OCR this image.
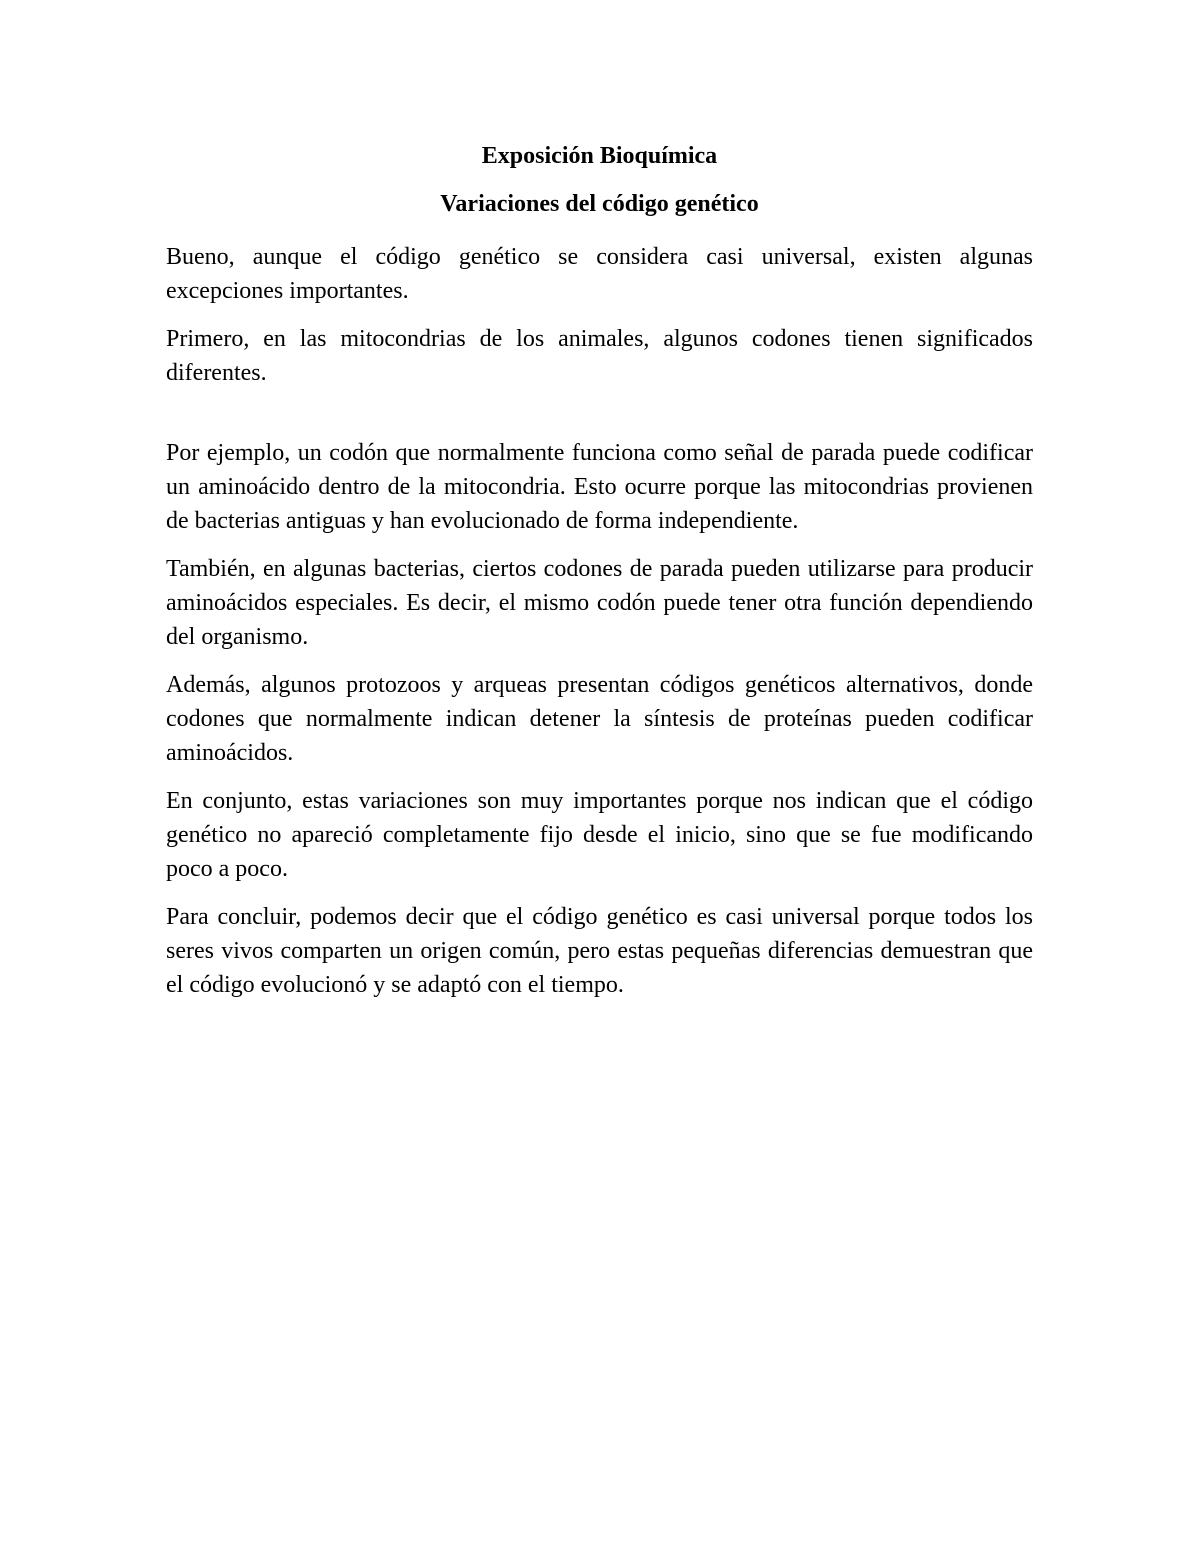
Exposición Bioquímica
Variaciones del código genético

Bueno, aunque el código genético se considera casi universal, existen algunas excepciones importantes.

Primero, en las mitocondrias de los animales, algunos codones tienen significados diferentes.

Por ejemplo, un codón que normalmente funciona como señal de parada puede codificar un aminoácido dentro de la mitocondria. Esto ocurre porque las mitocondrias provienen de bacterias antiguas y han evolucionado de forma independiente.

También, en algunas bacterias, ciertos codones de parada pueden utilizarse para producir aminoácidos especiales. Es decir, el mismo codón puede tener otra función dependiendo del organismo.

Además, algunos protozoos y arqueas presentan códigos genéticos alternativos, donde codones que normalmente indican detener la síntesis de proteínas pueden codificar aminoácidos.

En conjunto, estas variaciones son muy importantes porque nos indican que el código genético no apareció completamente fijo desde el inicio, sino que se fue modificando poco a poco.

Para concluir, podemos decir que el código genético es casi universal porque todos los seres vivos comparten un origen común, pero estas pequeñas diferencias demuestran que el código evolucionó y se adaptó con el tiempo.
